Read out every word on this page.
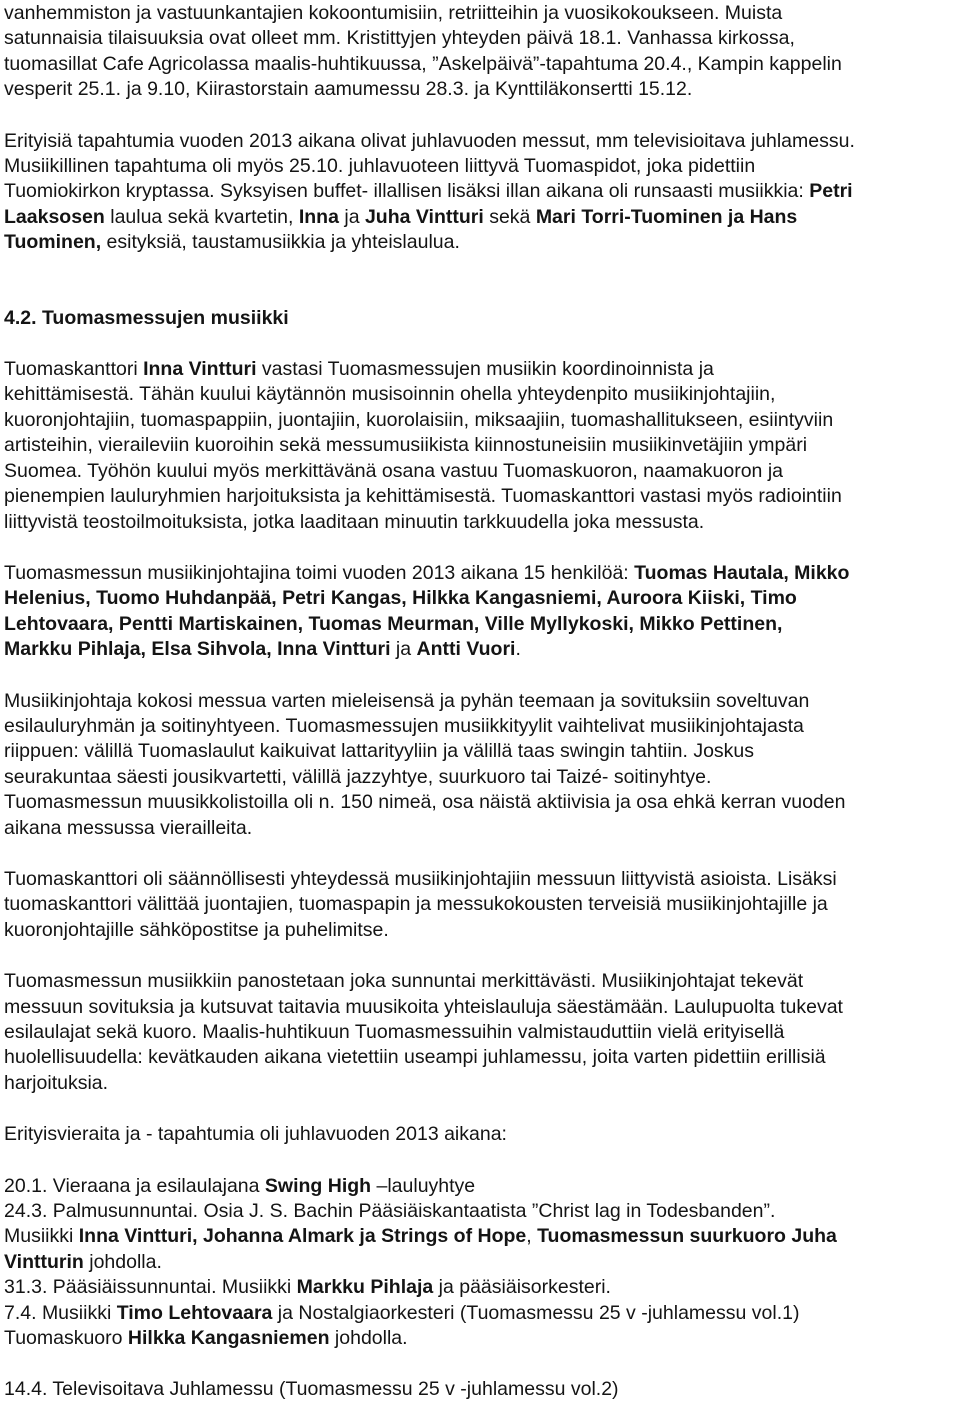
vanhemmiston ja vastuunkantajien kokoontumisiin, retriitteihin ja vuosikokoukseen. Muista

satunnaisia tilaisuuksia ovat olleet mm. Kristittyjen yhteyden päivä 18.1. Vanhassa kirkossa,

tuomasillat Cafe Agricolassa maalis-huhtikuussa, ”Askelpäivä”-tapahtuma 20.4., Kampin kappelin

vesperit 25.1. ja 9.10, Kiirastorstain aamumessu 28.3. ja Kynttiläkonsertti 15.12.

Erityisiä tapahtumia vuoden 2013 aikana olivat juhlavuoden messut, mm televisioitava juhlamessu.

Musiikillinen tapahtuma oli myös 25.10. juhlavuoteen liittyvä Tuomaspidot, joka pidettiin

Tuomiokirkon kryptassa. Syksyisen buffet- illallisen lisäksi illan aikana oli runsaasti musiikkia: Petri

Laaksosen laulua sekä kvartetin, Inna ja Juha Vintturi sekä Mari Torri-Tuominen ja Hans

Tuominen, esityksiä, taustamusiikkia ja yhteislaulua.

4.2. Tuomasmessujen musiikki

Tuomaskanttori Inna Vintturi vastasi Tuomasmessujen musiikin koordinoinnista ja

kehittämisestä. Tähän kuului käytännön musisoinnin ohella yhteydenpito musiikinjohtajiin,

kuoronjohtajiin, tuomaspappiin, juontajiin, kuorolaisiin, miksaajiin, tuomashallitukseen, esiintyviin

artisteihin, vieraileviin kuoroihin sekä messumusiikista kiinnostuneisiin musiikinvetäjiin ympäri

Suomea. Työhön kuului myös merkittävänä osana vastuu Tuomaskuoron, naamakuoron ja

pienempien lauluryhmien harjoituksista ja kehittämisestä. Tuomaskanttori vastasi myös radiointiin

liittyvistä teostoilmoituksista, jotka laaditaan minuutin tarkkuudella joka messusta.

Tuomasmessun musiikinjohtajina toimi vuoden 2013 aikana 15 henkilöä: Tuomas Hautala, Mikko

Helenius, Tuomo Huhdanpää, Petri Kangas, Hilkka Kangasniemi, Auroora Kiiski, Timo

Lehtovaara, Pentti Martiskainen, Tuomas Meurman, Ville Myllykoski, Mikko Pettinen,

Markku Pihlaja, Elsa Sihvola, Inna Vintturi ja Antti Vuori.

Musiikinjohtaja kokosi messua varten mieleisensä ja pyhän teemaan ja sovituksiin soveltuvan

esilauluryhmän ja soitinyhtyeen. Tuomasmessujen musiikkityylit vaihtelivat musiikinjohtajasta

riippuen: välillä Tuomaslaulut kaikuivat lattarityyliin ja välillä taas swingin tahtiin. Joskus

seurakuntaa säesti jousikvartetti, välillä jazzyhtye, suurkuoro tai Taizé- soitinyhtye.

Tuomasmessun muusikkolistoilla oli n. 150 nimeä, osa näistä aktiivisia ja osa ehkä kerran vuoden

aikana messussa vierailleita.

Tuomaskanttori oli säännöllisesti yhteydessä musiikinjohtajiin messuun liittyvistä asioista. Lisäksi

tuomaskanttori välittää juontajien, tuomaspapin ja messukokousten terveisiä musiikinjohtajille ja

kuoronjohtajille sähköpostitse ja puhelimitse.

Tuomasmessun musiikkiin panostetaan joka sunnuntai merkittävästi. Musiikinjohtajat tekevät

messuun sovituksia ja kutsuvat taitavia muusikoita yhteislauluja säestämään. Laulupuolta tukevat

esilaulajat sekä kuoro. Maalis-huhtikuun Tuomasmessuihin valmistauduttiin vielä erityisellä

huolellisuudella: kevätkauden aikana vietettiin useampi juhlamessu, joita varten pidettiin erillisiä

harjoituksia.

Erityisvieraita ja - tapahtumia oli juhlavuoden 2013 aikana:

20.1. Vieraana ja esilaulajana Swing High –lauluyhtye

24.3. Palmusunnuntai. Osia J. S. Bachin Pääsiäiskantaatista ”Christ lag in Todesbanden”.

Musiikki Inna Vintturi, Johanna Almark ja Strings of Hope, Tuomasmessun suurkuoro Juha

Vintturin johdolla.

31.3. Pääsiäissunnuntai. Musiikki Markku Pihlaja ja pääsiäisorkesteri.

7.4. Musiikki Timo Lehtovaara ja Nostalgiaorkesteri (Tuomasmessu 25 v -juhlamessu vol.1)

Tuomaskuoro Hilkka Kangasniemen johdolla.

14.4. Televisoitava Juhlamessu (Tuomasmessu 25 v -juhlamessu vol.2)
